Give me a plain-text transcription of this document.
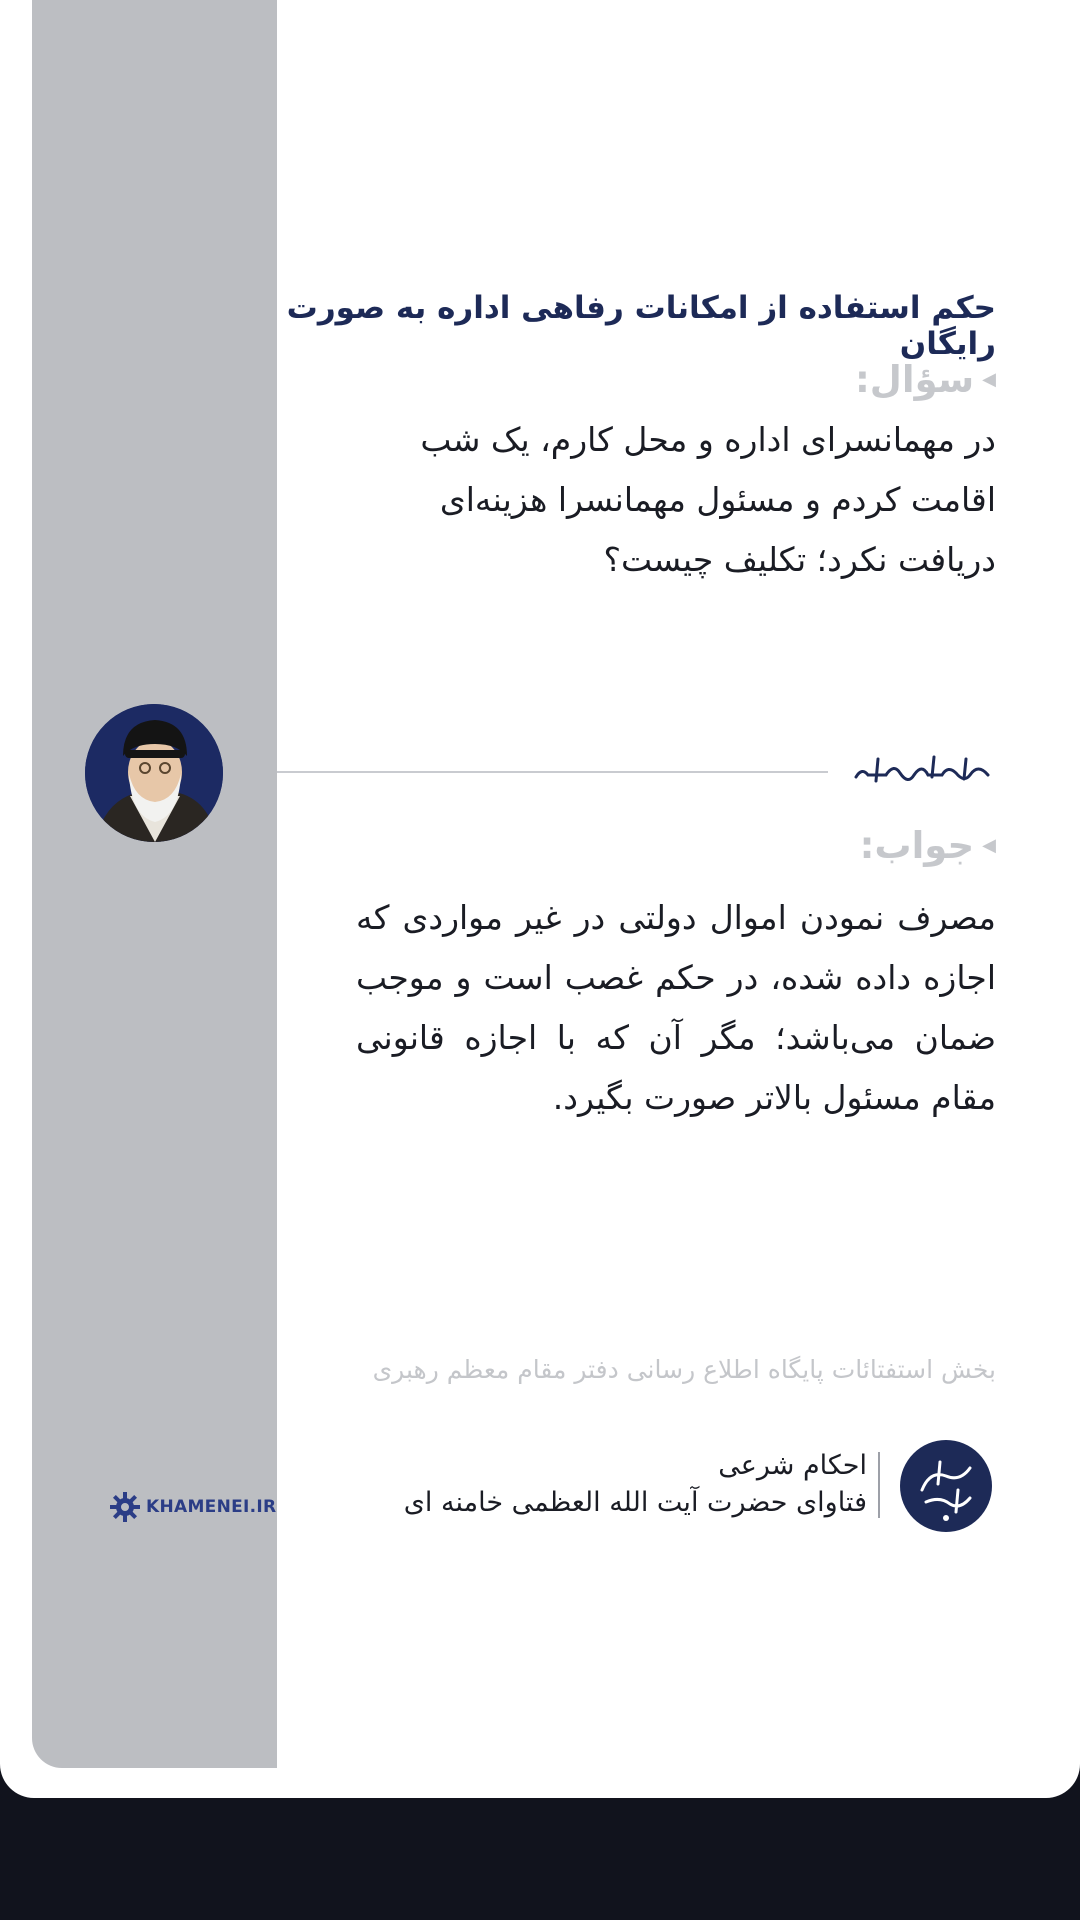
KHAMENEI.IR
حکم استفاده از امکانات رفاهی اداره به صورت رایگان
◀
سؤال:
در مهمانسرای اداره و محل کارم، یک شب اقامت کردم و مسئول مهمانسرا هزینه‌ای دریافت نکرد؛ تکلیف چیست؟
◀
جواب:
مصرف نمودن اموال دولتی در غیر مواردی که اجازه داده شده، در حکم غصب است و موجب ضمان می‌باشد؛ مگر آن که با اجازه قانونی مقام مسئول بالاتر صورت بگیرد.
بخش استفتائات پایگاه اطلاع رسانی دفتر مقام معظم رهبری
احکام شرعی
فتاوای حضرت آیت الله العظمی خامنه ای
